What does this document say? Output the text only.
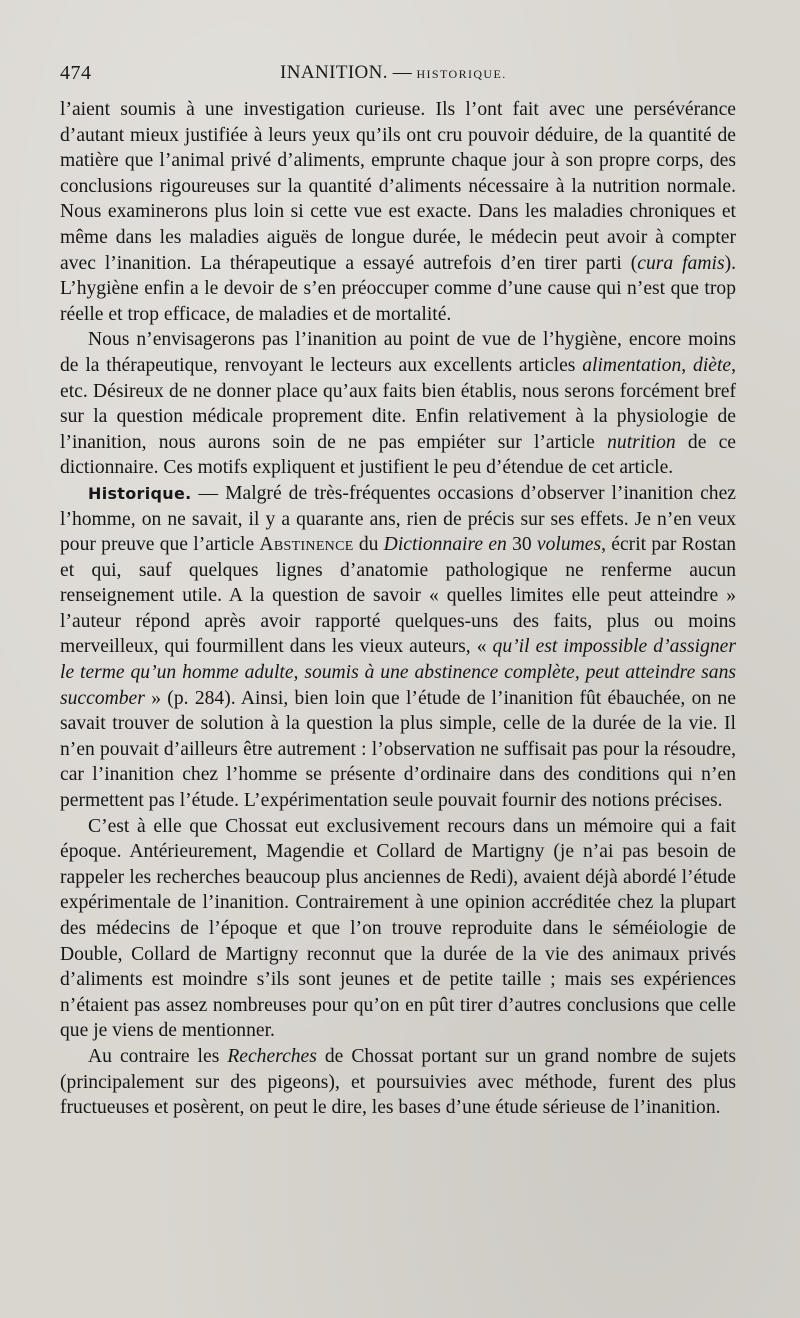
474	INANITION. — HISTORIQUE.

l’aient soumis à une investigation curieuse. Ils l’ont fait avec une persévérance d’autant mieux justifiée à leurs yeux qu’ils ont cru pouvoir déduire, de la quantité de matière que l’animal privé d’aliments, emprunte chaque jour à son propre corps, des conclusions rigoureuses sur la quantité d’aliments nécessaire à la nutrition normale. Nous examinerons plus loin si cette vue est exacte. Dans les maladies chroniques et même dans les maladies aiguës de longue durée, le médecin peut avoir à compter avec l’inanition. La thérapeutique a essayé autrefois d’en tirer parti (cura famis). L’hygiène enfin a le devoir de s’en préoccuper comme d’une cause qui n’est que trop réelle et trop efficace, de maladies et de mortalité.

Nous n’envisagerons pas l’inanition au point de vue de l’hygiène, encore moins de la thérapeutique, renvoyant le lecteurs aux excellents articles alimentation, diète, etc. Désireux de ne donner place qu’aux faits bien établis, nous serons forcément bref sur la question médicale proprement dite. Enfin relativement à la physiologie de l’inanition, nous aurons soin de ne pas empiéter sur l’article nutrition de ce dictionnaire. Ces motifs expliquent et justifient le peu d’étendue de cet article.

Historique. — Malgré de très-fréquentes occasions d’observer l’inanition chez l’homme, on ne savait, il y a quarante ans, rien de précis sur ses effets. Je n’en veux pour preuve que l’article Abstinence du Dictionnaire en 30 volumes, écrit par Rostan et qui, sauf quelques lignes d’anatomie pathologique ne renferme aucun renseignement utile. A la question de savoir « quelles limites elle peut atteindre » l’auteur répond après avoir rapporté quelques-uns des faits, plus ou moins merveilleux, qui fourmillent dans les vieux auteurs, « qu’il est impossible d’assigner le terme qu’un homme adulte, soumis à une abstinence complète, peut atteindre sans succomber » (p. 284). Ainsi, bien loin que l’étude de l’inanition fût ébauchée, on ne savait trouver de solution à la question la plus simple, celle de la durée de la vie. Il n’en pouvait d’ailleurs être autrement : l’observation ne suffisait pas pour la résoudre, car l’inanition chez l’homme se présente d’ordinaire dans des conditions qui n’en permettent pas l’étude. L’expérimentation seule pouvait fournir des notions précises.

C’est à elle que Chossat eut exclusivement recours dans un mémoire qui a fait époque. Antérieurement, Magendie et Collard de Martigny (je n’ai pas besoin de rappeler les recherches beaucoup plus anciennes de Redi), avaient déjà abordé l’étude expérimentale de l’inanition. Contrairement à une opinion accréditée chez la plupart des médecins de l’époque et que l’on trouve reproduite dans le séméiologie de Double, Collard de Martigny reconnut que la durée de la vie des animaux privés d’aliments est moindre s’ils sont jeunes et de petite taille ; mais ses expériences n’étaient pas assez nombreuses pour qu’on en pût tirer d’autres conclusions que celle que je viens de mentionner.

Au contraire les Recherches de Chossat portant sur un grand nombre de sujets (principalement sur des pigeons), et poursuivies avec méthode, furent des plus fructueuses et posèrent, on peut le dire, les bases d’une étude sérieuse de l’inanition.
